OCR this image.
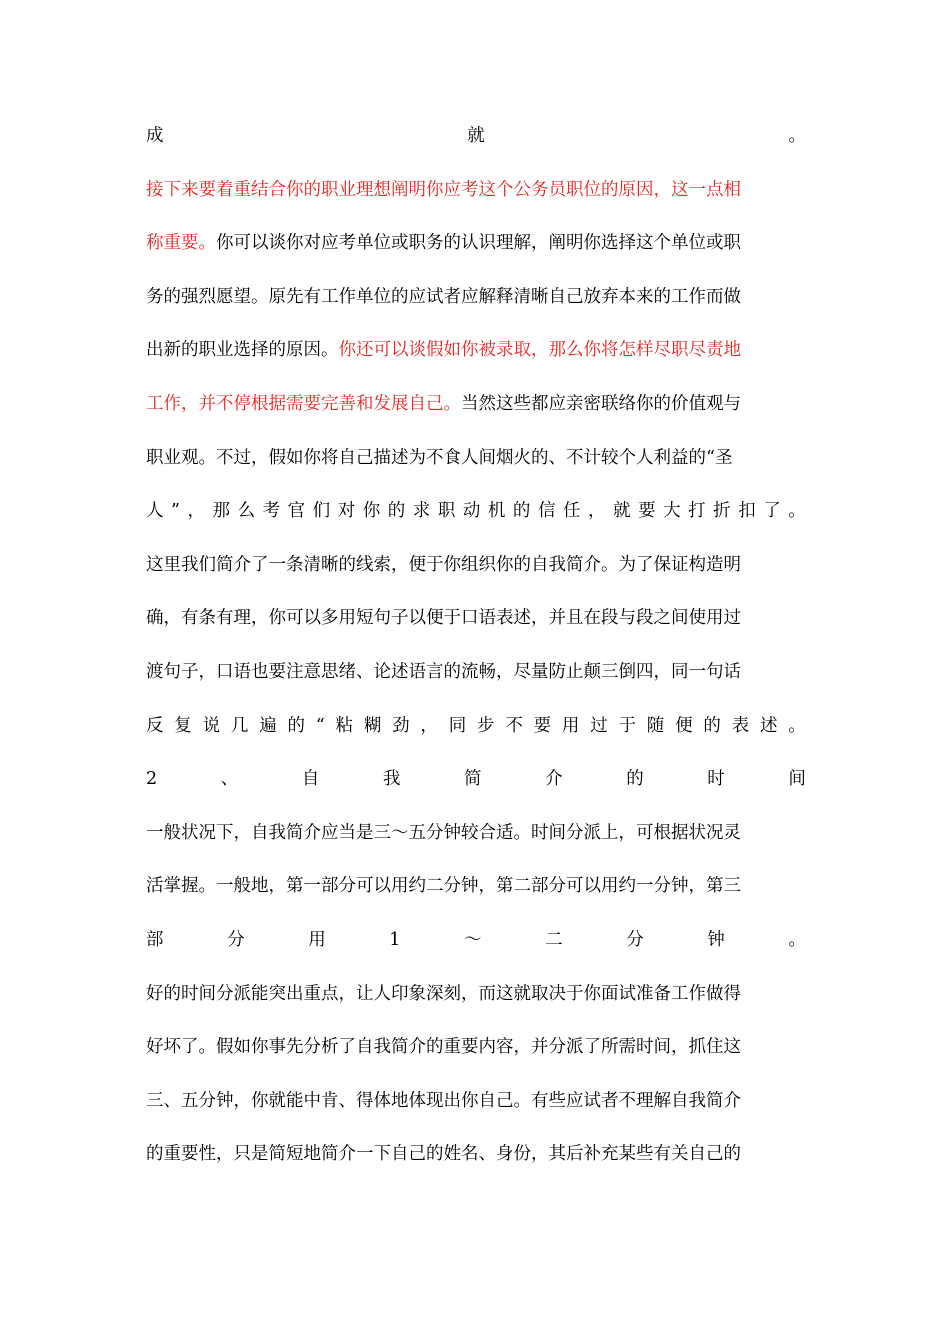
成	就	。
接下来要着重结合你的职业理想阐明你应考这个公务员职位的原因，这一点相
称重要。你可以谈你对应考单位或职务的认识理解，阐明你选择这个单位或职
务的强烈愿望。原先有工作单位的应试者应解释清晰自己放弃本来的工作而做
出新的职业选择的原因。你还可以谈假如你被录取，那么你将怎样尽职尽责地
工作，并不停根据需要完善和发展自己。当然这些都应亲密联络你的价值观与
职业观。不过，假如你将自己描述为不食人间烟火的、不计较个人利益的“圣
人 ” ， 那 么 考 官 们 对 你 的 求 职 动 机 的 信 任 ， 就 要 大 打 折 扣 了 。
这里我们简介了一条清晰的线索，便于你组织你的自我简介。为了保证构造明
确，有条有理，你可以多用短句子以便于口语表述，并且在段与段之间使用过
渡句子，口语也要注意思绪、论述语言的流畅，尽量防止颠三倒四，同一句话
反 复 说 几 遍 的 “ 粘 糊 劲 ， 同 步 不 要 用 过 于 随 便 的 表 述 。
2	、	自	我	简	介	的	时	间
一般状况下，自我简介应当是三～五分钟较合适。时间分派上，可根据状况灵
活掌握。一般地，第一部分可以用约二分钟，第二部分可以用约一分钟，第三
部	分	用	1	～	二	分	钟	。
好的时间分派能突出重点，让人印象深刻，而这就取决于你面试准备工作做得
好坏了。假如你事先分析了自我简介的重要内容，并分派了所需时间，抓住这
三、五分钟，你就能中肯、得体地体现出你自己。有些应试者不理解自我简介
的重要性，只是简短地简介一下自己的姓名、身份，其后补充某些有关自己的
